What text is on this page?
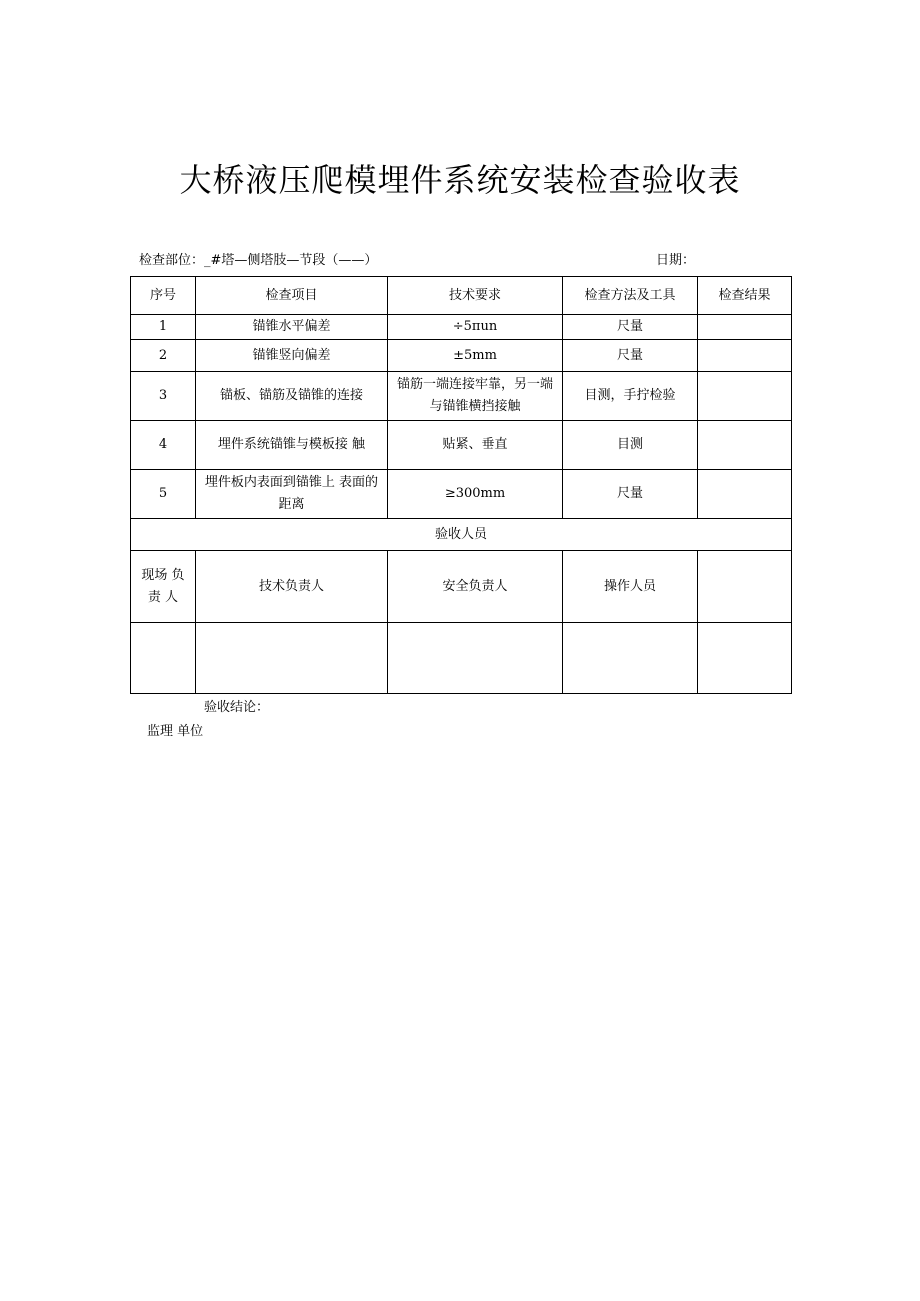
大桥液压爬模埋件系统安装检查验收表
检查部位：_#塔—侧塔肢—节段（——）	日期：
序号	检查项目	技术要求	检查方法及工具	检查结果
1	锚锥水平偏差	÷5πun	尺量	
2	锚锥竖向偏差	±5mm	尺量	
3	锚板、锚筋及锚锥的连接	锚筋一端连接牢靠，另一端与锚锥横挡接触	目测，手拧检验	
4	埋件系统锚锥与模板接 触	贴紧、垂直	目测	
5	埋件板内表面到锚锥上 表面的距离	≥300mm	尺量	
验收人员				
现场 负责 人	技术负责人	安全负责人	操作人员	

验收结论：
监理 单位
